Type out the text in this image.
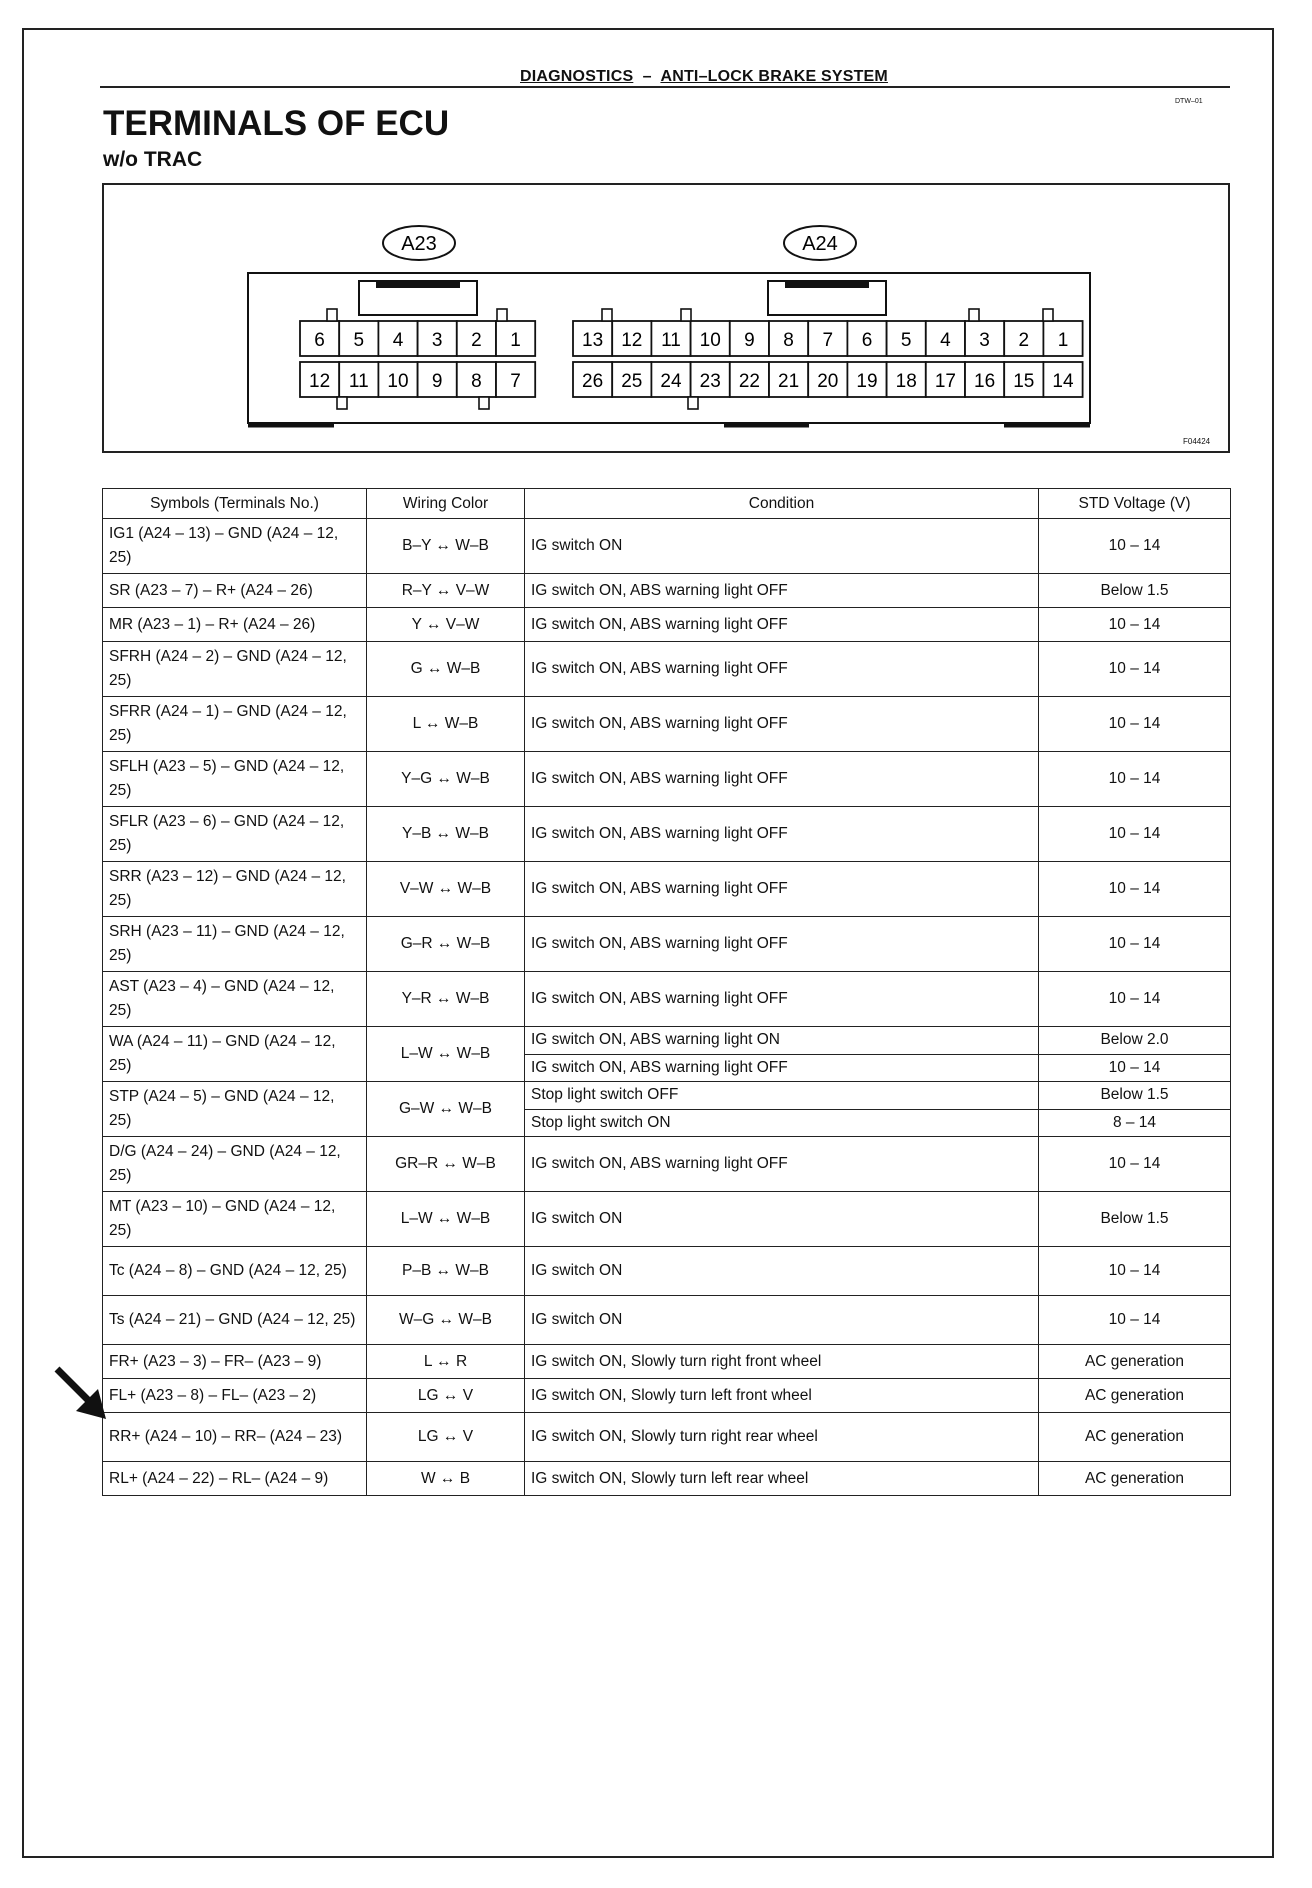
DIAGNOSTICS – ANTI–LOCK BRAKE SYSTEM
DTW–01
TERMINALS OF ECU
w/o TRAC
A23	A24
6 5 4 3 2 1
12 11 10 9 8 7
13 12 11 10 9 8 7 6 5 4 3 2 1
26 25 24 23 22 21 20 19 18 17 16 15 14
F04424
Symbols (Terminals No.)	Wiring Color	Condition	STD Voltage (V)
IG1 (A24 – 13) – GND (A24 – 12, 25)	B–Y ↔ W–B	IG switch ON	10 – 14
SR (A23 – 7) – R+ (A24 – 26)	R–Y ↔ V–W	IG switch ON, ABS warning light OFF	Below 1.5
MR (A23 – 1) – R+ (A24 – 26)	Y ↔ V–W	IG switch ON, ABS warning light OFF	10 – 14
SFRH (A24 – 2) – GND (A24 – 12, 25)	G ↔ W–B	IG switch ON, ABS warning light OFF	10 – 14
SFRR (A24 – 1) – GND (A24 – 12, 25)	L ↔ W–B	IG switch ON, ABS warning light OFF	10 – 14
SFLH (A23 – 5) – GND (A24 – 12, 25)	Y–G ↔ W–B	IG switch ON, ABS warning light OFF	10 – 14
SFLR (A23 – 6) – GND (A24 – 12, 25)	Y–B ↔ W–B	IG switch ON, ABS warning light OFF	10 – 14
SRR (A23 – 12) – GND (A24 – 12, 25)	V–W ↔ W–B	IG switch ON, ABS warning light OFF	10 – 14
SRH (A23 – 11) – GND (A24 – 12, 25)	G–R ↔ W–B	IG switch ON, ABS warning light OFF	10 – 14
AST (A23 – 4) – GND (A24 – 12, 25)	Y–R ↔ W–B	IG switch ON, ABS warning light OFF	10 – 14
WA (A24 – 11) – GND (A24 – 12, 25)	L–W ↔ W–B	IG switch ON, ABS warning light ON	Below 2.0
		IG switch ON, ABS warning light OFF	10 – 14
STP (A24 – 5) – GND (A24 – 12, 25)	G–W ↔ W–B	Stop light switch OFF	Below 1.5
		Stop light switch ON	8 – 14
D/G (A24 – 24) – GND (A24 – 12, 25)	GR–R ↔ W–B	IG switch ON, ABS warning light OFF	10 – 14
MT (A23 – 10) – GND (A24 – 12, 25)	L–W ↔ W–B	IG switch ON	Below 1.5
Tc (A24 – 8) – GND (A24 – 12, 25)	P–B ↔ W–B	IG switch ON	10 – 14
Ts (A24 – 21) – GND (A24 – 12, 25)	W–G ↔ W–B	IG switch ON	10 – 14
FR+ (A23 – 3) – FR– (A23 – 9)	L ↔ R	IG switch ON, Slowly turn right front wheel	AC generation
FL+ (A23 – 8) – FL– (A23 – 2)	LG ↔ V	IG switch ON, Slowly turn left front wheel	AC generation
RR+ (A24 – 10) – RR– (A24 – 23)	LG ↔ V	IG switch ON, Slowly turn right rear wheel	AC generation
RL+ (A24 – 22) – RL– (A24 – 9)	W ↔ B	IG switch ON, Slowly turn left rear wheel	AC generation
